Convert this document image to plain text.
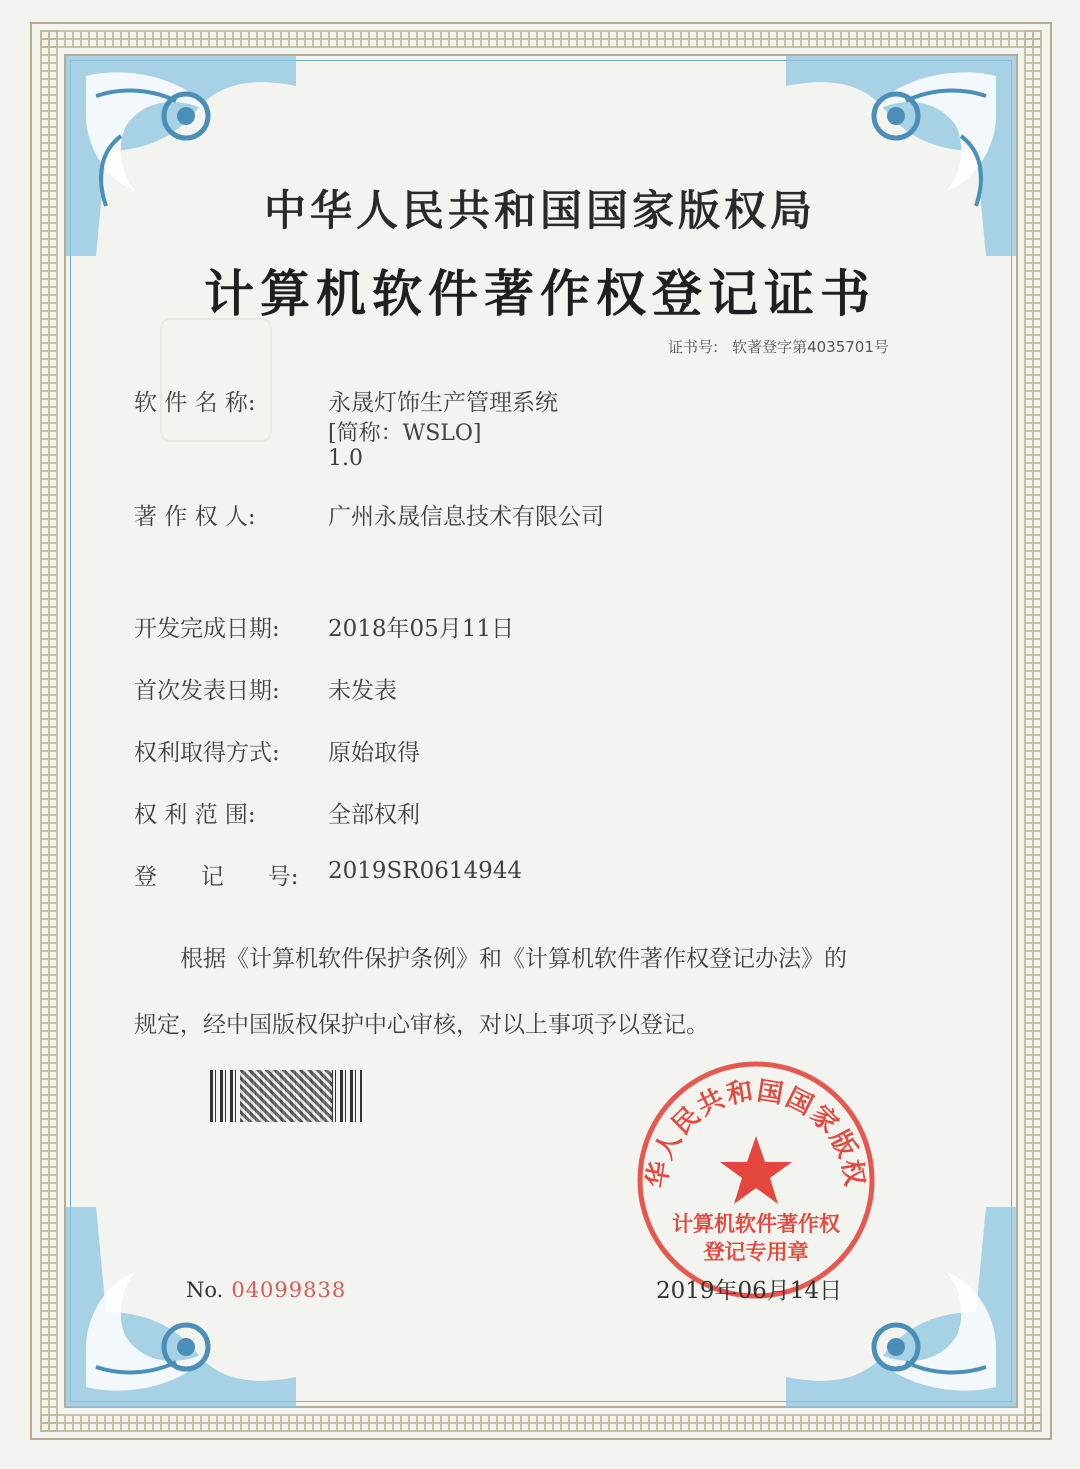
中华人民共和国国家版权局
计算机软件著作权登记证书
证书号: 软著登字第4035701号
软 件 名 称:	永晟灯饰生产管理系统
[简称：WSLO]
1.0
著 作 权 人:	广州永晟信息技术有限公司
开发完成日期: 2018年05月11日
首次发表日期: 未发表
权利取得方式: 原始取得
权 利 范 围:	全部权利
登      记      号: 2019SR0614944
根据《计算机软件保护条例》和《计算机软件著作权登记办法》的
规定，经中国版权保护中心审核，对以上事项予以登记。
华人民共和国国家版权
计算机软件著作权
登记专用章
No. 04099838	2019年06月14日
